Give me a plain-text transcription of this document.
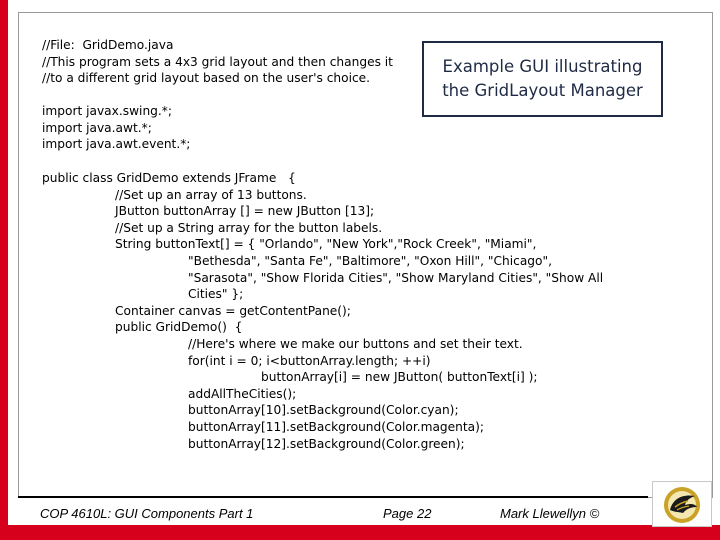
//File:  GridDemo.java
//This program sets a 4x3 grid layout and then changes it
//to a different grid layout based on the user's choice.
import javax.swing.*;
import java.awt.*;
import java.awt.event.*;
public class GridDemo extends JFrame   {
	//Set up an array of 13 buttons.
	JButton buttonArray [] = new JButton [13];
	//Set up a String array for the button labels.
	String buttonText[] = { "Orlando", "New York","Rock Creek", "Miami",
		"Bethesda", "Santa Fe", "Baltimore", "Oxon Hill", "Chicago",
		"Sarasota", "Show Florida Cities", "Show Maryland Cities", "Show All
		Cities" };
	Container canvas = getContentPane();
	public GridDemo()  {
		//Here's where we make our buttons and set their text.
		for(int i = 0; i<buttonArray.length; ++i)
			buttonArray[i] = new JButton( buttonText[i] );
		addAllTheCities();
		buttonArray[10].setBackground(Color.cyan);
		buttonArray[11].setBackground(Color.magenta);
		buttonArray[12].setBackground(Color.green);
Example GUI illustrating
the GridLayout Manager
COP 4610L: GUI Components Part 1	Page 22	Mark Llewellyn ©
